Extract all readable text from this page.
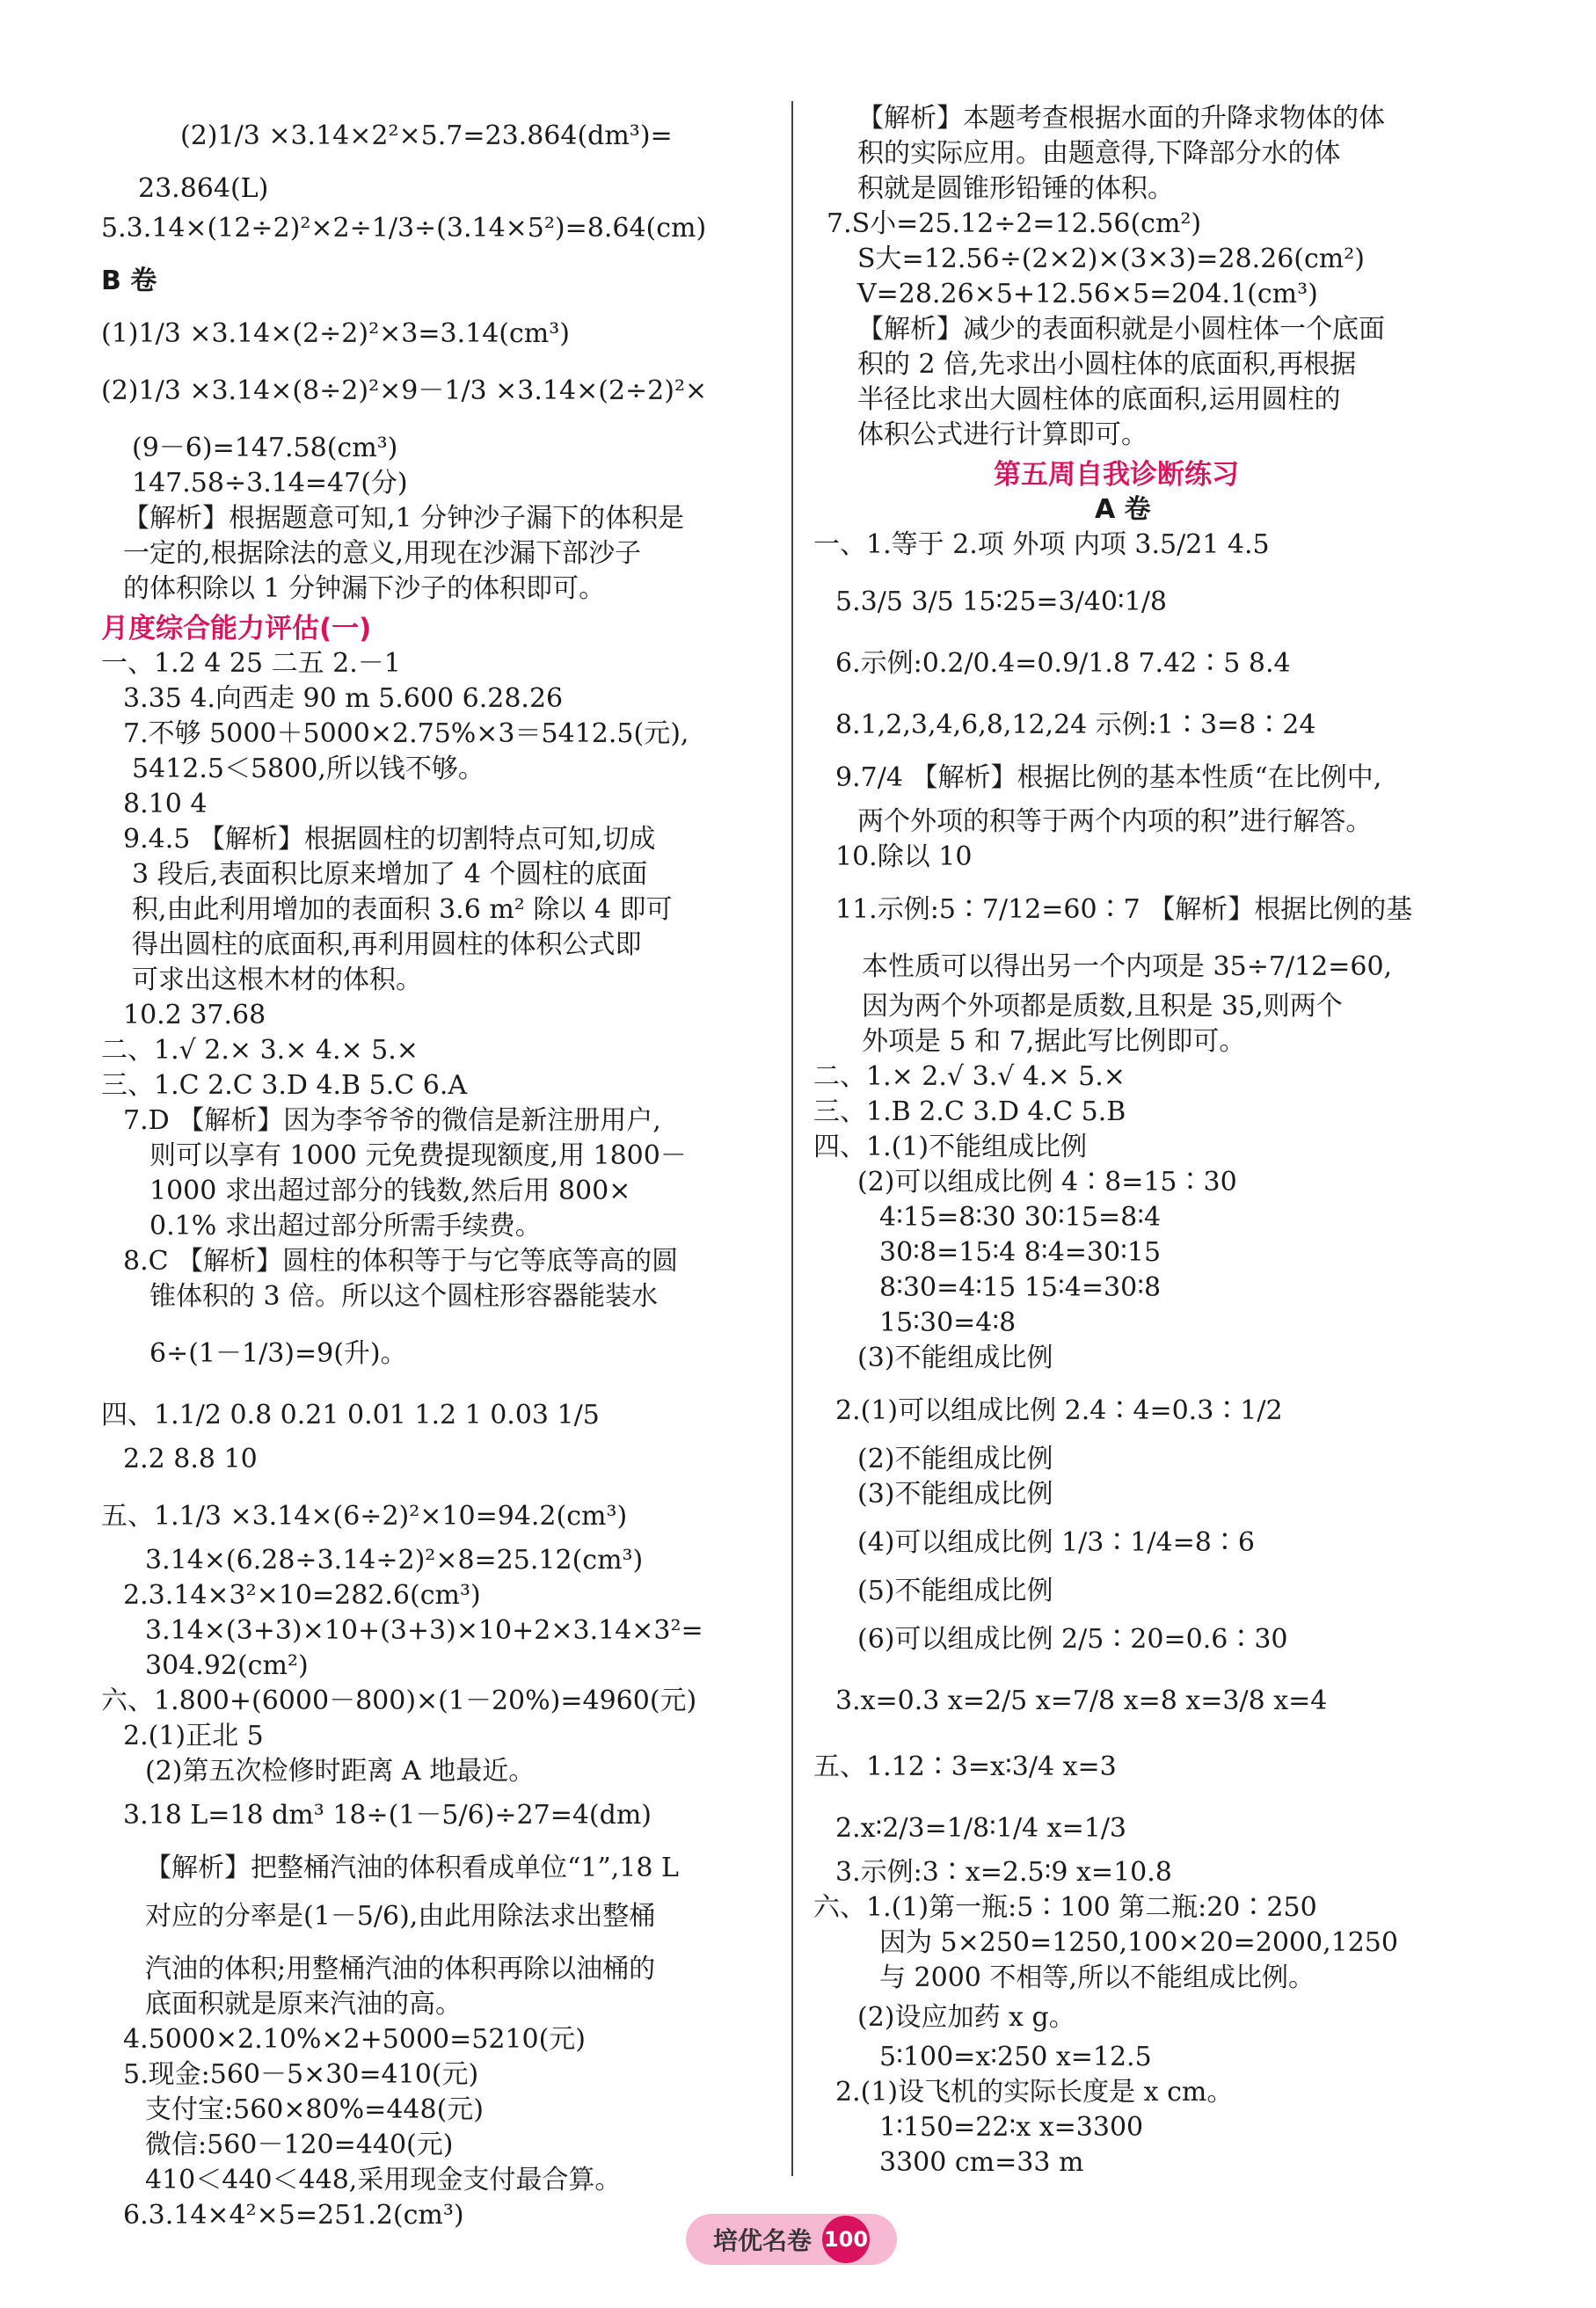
(2)1/3 ×3.14×2²×5.7=23.864(dm³)=
23.864(L)
5.3.14×(12÷2)²×2÷1/3÷(3.14×5²)=8.64(cm)
B 卷
(1)1/3 ×3.14×(2÷2)²×3=3.14(cm³)
(2)1/3 ×3.14×(8÷2)²×9－1/3 ×3.14×(2÷2)²×
(9－6)=147.58(cm³)
147.58÷3.14=47(分)
【解析】根据题意可知,1 分钟沙子漏下的体积是
一定的,根据除法的意义,用现在沙漏下部沙子
的体积除以 1 分钟漏下沙子的体积即可。
月度综合能力评估(一)
一、1.2 4 25 二五 2.－1
3.35 4.向西走 90 m 5.600 6.28.26
7.不够 5000＋5000×2.75%×3＝5412.5(元),
5412.5＜5800,所以钱不够。
8.10 4
9.4.5 【解析】根据圆柱的切割特点可知,切成
3 段后,表面积比原来增加了 4 个圆柱的底面
积,由此利用增加的表面积 3.6 m² 除以 4 即可
得出圆柱的底面积,再利用圆柱的体积公式即
可求出这根木材的体积。
10.2 37.68
二、1.√ 2.× 3.× 4.× 5.×
三、1.C 2.C 3.D 4.B 5.C 6.A
7.D 【解析】因为李爷爷的微信是新注册用户,
则可以享有 1000 元免费提现额度,用 1800－
1000 求出超过部分的钱数,然后用 800×
0.1% 求出超过部分所需手续费。
8.C 【解析】圆柱的体积等于与它等底等高的圆
锥体积的 3 倍。所以这个圆柱形容器能装水
6÷(1－1/3)=9(升)。
四、1.1/2 0.8 0.21 0.01 1.2 1 0.03 1/5
2.2 8.8 10
五、1.1/3 ×3.14×(6÷2)²×10=94.2(cm³)
3.14×(6.28÷3.14÷2)²×8=25.12(cm³)
2.3.14×3²×10=282.6(cm³)
3.14×(3+3)×10+(3+3)×10+2×3.14×3²=
304.92(cm²)
六、1.800+(6000－800)×(1－20%)=4960(元)
2.(1)正北 5
(2)第五次检修时距离 A 地最近。
3.18 L=18 dm³ 18÷(1－5/6)÷27=4(dm)
【解析】把整桶汽油的体积看成单位“1”,18 L
对应的分率是(1－5/6),由此用除法求出整桶
汽油的体积;用整桶汽油的体积再除以油桶的
底面积就是原来汽油的高。
4.5000×2.10%×2+5000=5210(元)
5.现金:560－5×30=410(元)
支付宝:560×80%=448(元)
微信:560－120=440(元)
410＜440＜448,采用现金支付最合算。
6.3.14×4²×5=251.2(cm³)
【解析】本题考查根据水面的升降求物体的体
积的实际应用。由题意得,下降部分水的体
积就是圆锥形铅锤的体积。
7.S小=25.12÷2=12.56(cm²)
S大=12.56÷(2×2)×(3×3)=28.26(cm²)
V=28.26×5+12.56×5=204.1(cm³)
【解析】减少的表面积就是小圆柱体一个底面
积的 2 倍,先求出小圆柱体的底面积,再根据
半径比求出大圆柱体的底面积,运用圆柱的
体积公式进行计算即可。
第五周自我诊断练习
A 卷
一、1.等于 2.项 外项 内项 3.5/21 4.5
5.3/5 3/5 15∶25=3/40∶1/8
6.示例:0.2/0.4=0.9/1.8 7.42∶5 8.4
8.1,2,3,4,6,8,12,24 示例:1∶3=8∶24
9.7/4 【解析】根据比例的基本性质“在比例中,
两个外项的积等于两个内项的积”进行解答。
10.除以 10
11.示例:5∶7/12=60∶7 【解析】根据比例的基
本性质可以得出另一个内项是 35÷7/12=60,
因为两个外项都是质数,且积是 35,则两个
外项是 5 和 7,据此写比例即可。
二、1.× 2.√ 3.√ 4.× 5.×
三、1.B 2.C 3.D 4.C 5.B
四、1.(1)不能组成比例
(2)可以组成比例 4∶8=15∶30
4∶15=8∶30 30∶15=8∶4
30∶8=15∶4 8∶4=30∶15
8∶30=4∶15 15∶4=30∶8
15∶30=4∶8
(3)不能组成比例
2.(1)可以组成比例 2.4∶4=0.3∶1/2
(2)不能组成比例
(3)不能组成比例
(4)可以组成比例 1/3∶1/4=8∶6
(5)不能组成比例
(6)可以组成比例 2/5∶20=0.6∶30
3.x=0.3 x=2/5 x=7/8 x=8 x=3/8 x=4
五、1.12∶3=x∶3/4 x=3
2.x∶2/3=1/8∶1/4 x=1/3
3.示例:3∶x=2.5∶9 x=10.8
六、1.(1)第一瓶:5∶100 第二瓶:20∶250
因为 5×250=1250,100×20=2000,1250
与 2000 不相等,所以不能组成比例。
(2)设应加药 x g。
5∶100=x∶250 x=12.5
2.(1)设飞机的实际长度是 x cm。
1∶150=22∶x x=3300
3300 cm=33 m
培优名卷 100
